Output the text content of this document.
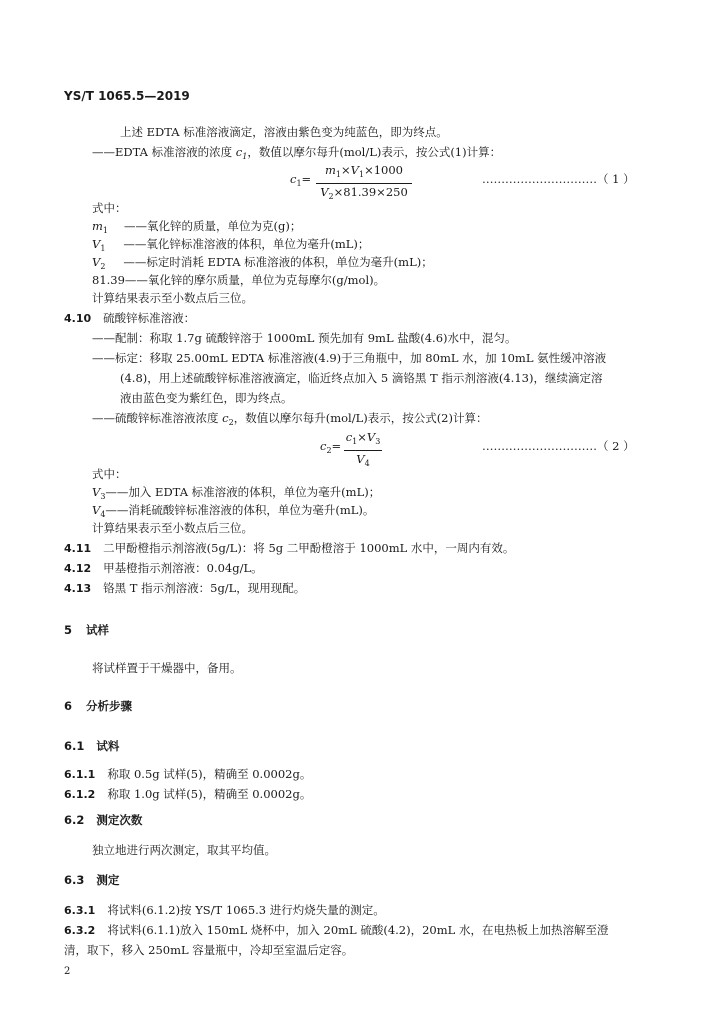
YS/T 1065.5—2019
上述 EDTA 标准溶液滴定，溶液由紫色变为纯蓝色，即为终点。
——EDTA 标准溶液的浓度 $c_1$，数值以摩尔每升(mol/L)表示，按公式(1)计算：
$c_1=$
$m_1\times V_1\times 1000$
$V_2\times 81.39\times 250$
…………………………（ 1 ）
式中：
$m_1$ ——氧化锌的质量，单位为克(g)；
$V_1$ ——氧化锌标准溶液的体积，单位为毫升(mL)；
$V_2$ ——标定时消耗 EDTA 标准溶液的体积，单位为毫升(mL)；
81.39——氧化锌的摩尔质量，单位为克每摩尔(g/mol)。
计算结果表示至小数点后三位。
4.10 硫酸锌标准溶液：
——配制：称取 1.7g 硫酸锌溶于 1000mL 预先加有 9mL 盐酸(4.6)水中，混匀。
——标定：移取 25.00mL EDTA 标准溶液(4.9)于三角瓶中，加 80mL 水，加 10mL 氨性缓冲溶液
(4.8)，用上述硫酸锌标准溶液滴定，临近终点加入 5 滴铬黑 T 指示剂溶液(4.13)，继续滴定溶
液由蓝色变为紫红色，即为终点。
——硫酸锌标准溶液浓度 $c_2$，数值以摩尔每升(mol/L)表示，按公式(2)计算：
$c_2=$
$c_1\times V_3$
$V_4$
…………………………（ 2 ）
式中：
$V_3——$加入 EDTA 标准溶液的体积，单位为毫升(mL)；
$V_4——$消耗硫酸锌标准溶液的体积，单位为毫升(mL)。
计算结果表示至小数点后三位。
4.11 二甲酚橙指示剂溶液(5g/L)：将 5g 二甲酚橙溶于 1000mL 水中，一周内有效。
4.12 甲基橙指示剂溶液：0.04g/L。
4.13 铬黑 T 指示剂溶液：5g/L，现用现配。
5 试样
将试样置于干燥器中，备用。
6 分析步骤
6.1 试料
6.1.1 称取 0.5g 试样(5)，精确至 0.0002g。
6.1.2 称取 1.0g 试样(5)，精确至 0.0002g。
6.2 测定次数
独立地进行两次测定，取其平均值。
6.3 测定
6.3.1 将试料(6.1.2)按 YS/T 1065.3 进行灼烧失量的测定。
6.3.2 将试料(6.1.1)放入 150mL 烧杯中，加入 20mL 硫酸(4.2)，20mL 水，在电热板上加热溶解至澄
清，取下，移入 250mL 容量瓶中，冷却至室温后定容。
2
